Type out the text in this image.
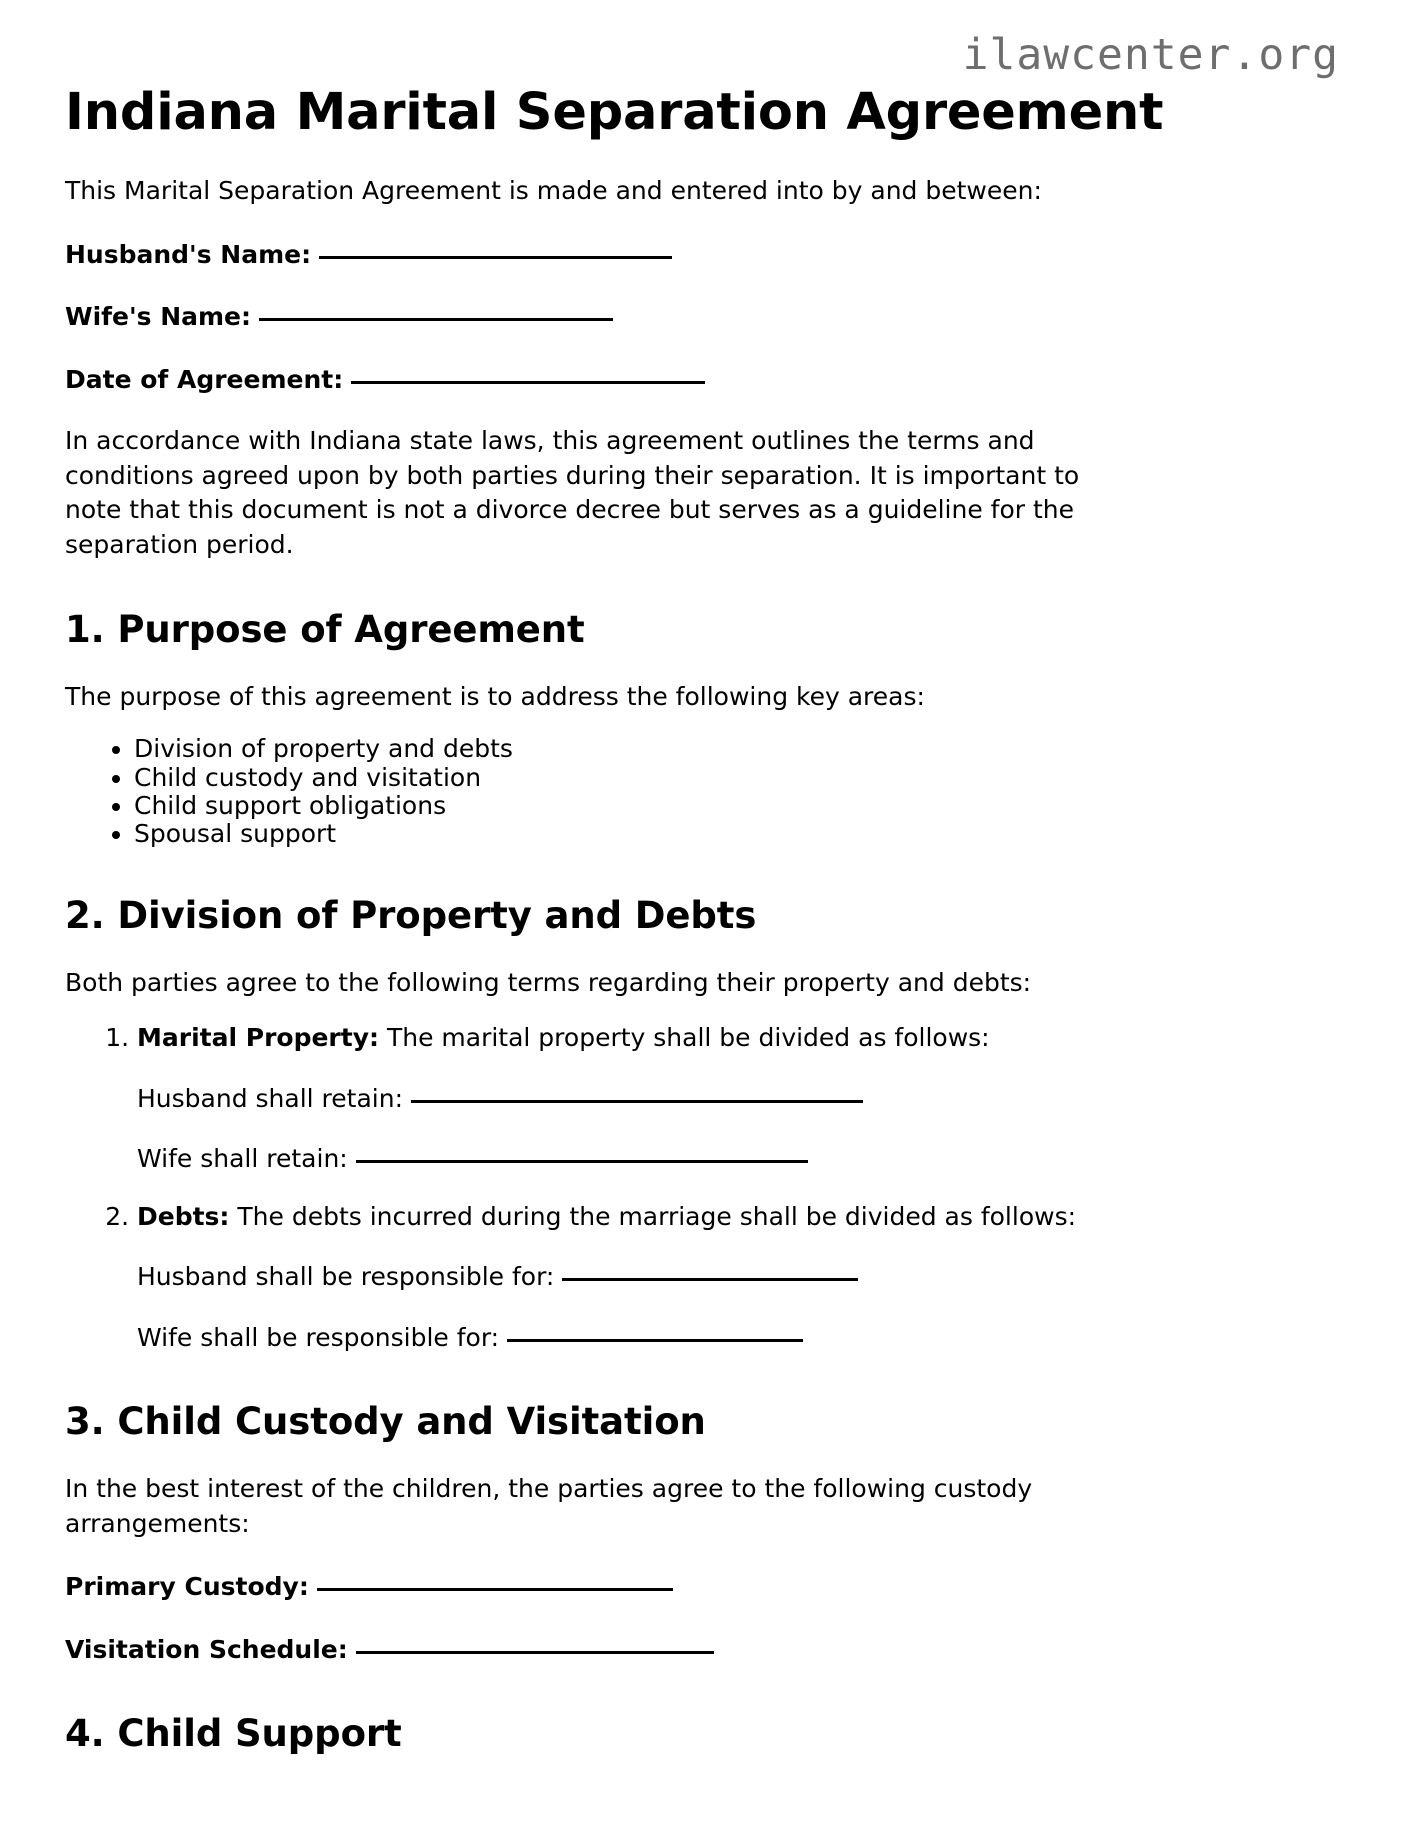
ilawcenter.org
Indiana Marital Separation Agreement

This Marital Separation Agreement is made and entered into by and between:

Husband's Name:

Wife's Name:

Date of Agreement:

In accordance with Indiana state laws, this agreement outlines the terms and conditions agreed upon by both parties during their separation. It is important to note that this document is not a divorce decree but serves as a guideline for the separation period.

1. Purpose of Agreement

The purpose of this agreement is to address the following key areas:

• Division of property and debts
• Child custody and visitation
• Child support obligations
• Spousal support
2. Division of Property and Debts

Both parties agree to the following terms regarding their property and debts:

1. Marital Property: The marital property shall be divided as follows:

Husband shall retain:

Wife shall retain:

2. Debts: The debts incurred during the marriage shall be divided as follows:

Husband shall be responsible for:

Wife shall be responsible for:

3. Child Custody and Visitation

In the best interest of the children, the parties agree to the following custody arrangements:

Primary Custody:

Visitation Schedule:

4. Child Support
